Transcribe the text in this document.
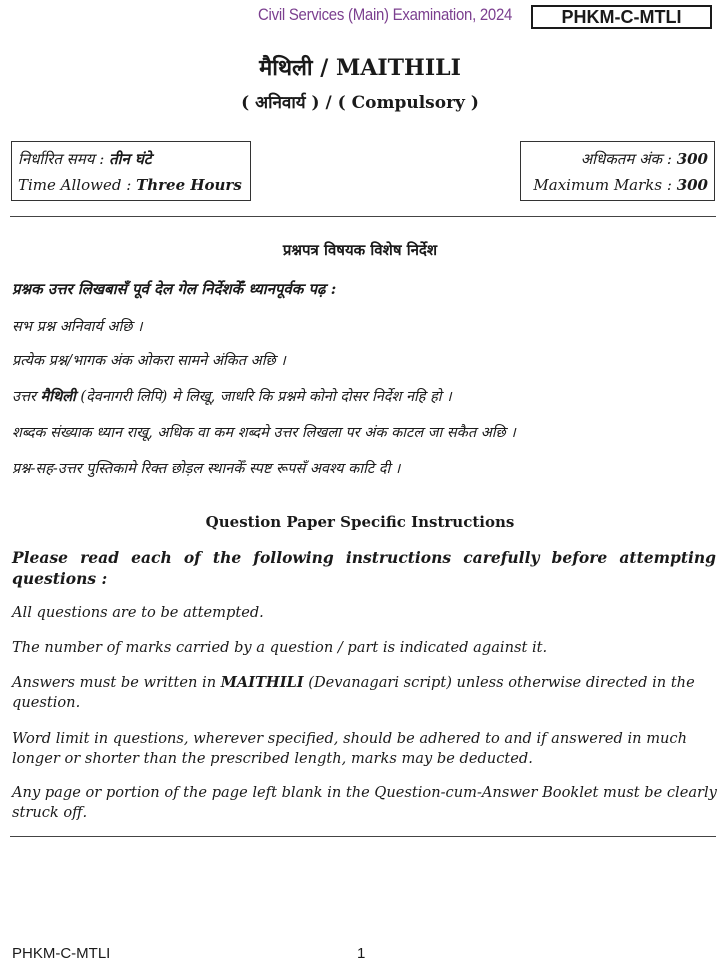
Civil Services (Main) Examination, 2024	PHKM-C-MTLI
मैथिली / MAITHILI
( अनिवार्य ) / ( Compulsory )
निर्धारित समय : तीन घंटे
Time Allowed : Three Hours
अधिकतम अंक : 300
Maximum Marks : 300
प्रश्नपत्र विषयक विशेष निर्देश
प्रश्नक उत्तर लिखबासँ पूर्व देल गेल निर्देशकेँ ध्यानपूर्वक पढ़ :
सभ प्रश्न अनिवार्य अछि ।
प्रत्येक प्रश्न/भागक अंक ओकरा सामने अंकित अछि ।
उत्तर मैथिली (देवनागरी लिपि) मे लिखू, जाधरि कि प्रश्नमे कोनो दोसर निर्देश नहि हो ।
शब्दक संख्याक ध्यान राखू, अधिक वा कम शब्दमे उत्तर लिखला पर अंक काटल जा सकैत अछि ।
प्रश्न-सह-उत्तर पुस्तिकामे रिक्त छोड़ल स्थानकेँ स्पष्ट रूपसँ अवश्य काटि दी ।
Question Paper Specific Instructions
Please read each of the following instructions carefully before attempting
questions :
All questions are to be attempted.
The number of marks carried by a question / part is indicated against it.
Answers must be written in MAITHILI (Devanagari script) unless otherwise directed in the question.
Word limit in questions, wherever specified, should be adhered to and if answered in much longer or shorter than the prescribed length, marks may be deducted.
Any page or portion of the page left blank in the Question-cum-Answer Booklet must be clearly struck off.
PHKM-C-MTLI	1
